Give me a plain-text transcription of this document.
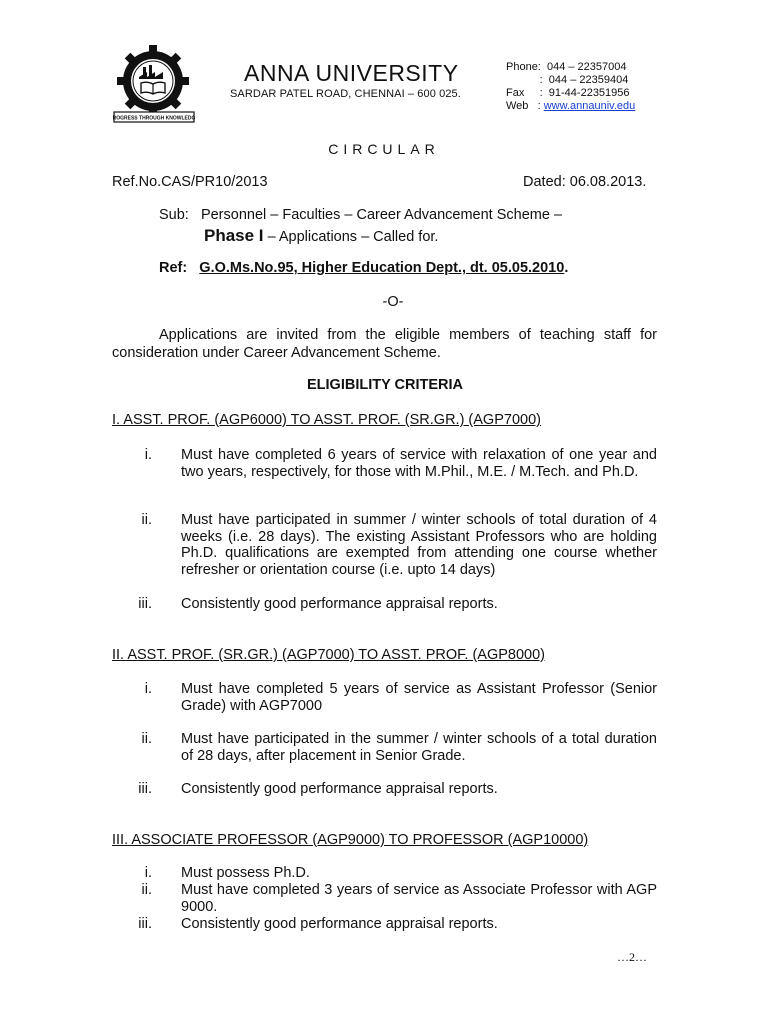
PROGRESS THROUGH KNOWLEDGE
ANNA UNIVERSITY
SARDAR PATEL ROAD, CHENNAI – 600 025.
Phone:  044 – 22357004
:  044 – 22359404
Fax     :  91-44-22351956
Web   : www.annauniv.edu
CIRCULAR
Ref.No.CAS/PR10/2013	Dated: 06.08.2013.
Sub: Personnel – Faculties – Career Advancement Scheme –
Phase I – Applications – Called for.
Ref: G.O.Ms.No.95, Higher Education Dept., dt. 05.05.2010.
-O-
Applications are invited from the eligible members of teaching staff for consideration under Career Advancement Scheme.
ELIGIBILITY CRITERIA
I. ASST. PROF. (AGP6000) TO ASST. PROF. (SR.GR.) (AGP7000)
i. Must have completed 6 years of service with relaxation of one year and two years, respectively, for those with M.Phil., M.E. / M.Tech. and Ph.D.
ii. Must have participated in summer / winter schools of total duration of 4 weeks (i.e. 28 days). The existing Assistant Professors who are holding Ph.D. qualifications are exempted from attending one course whether refresher or orientation course (i.e. upto 14 days)
iii. Consistently good performance appraisal reports.
II. ASST. PROF. (SR.GR.) (AGP7000) TO ASST. PROF. (AGP8000)
i. Must have completed 5 years of service as Assistant Professor (Senior Grade) with AGP7000
ii. Must have participated in the summer / winter schools of a total duration of 28 days, after placement in Senior Grade.
iii. Consistently good performance appraisal reports.
III. ASSOCIATE PROFESSOR (AGP9000) TO PROFESSOR (AGP10000)
i. Must possess Ph.D.
ii. Must have completed 3 years of service as Associate Professor with AGP 9000.
iii. Consistently good performance appraisal reports.
…2…
